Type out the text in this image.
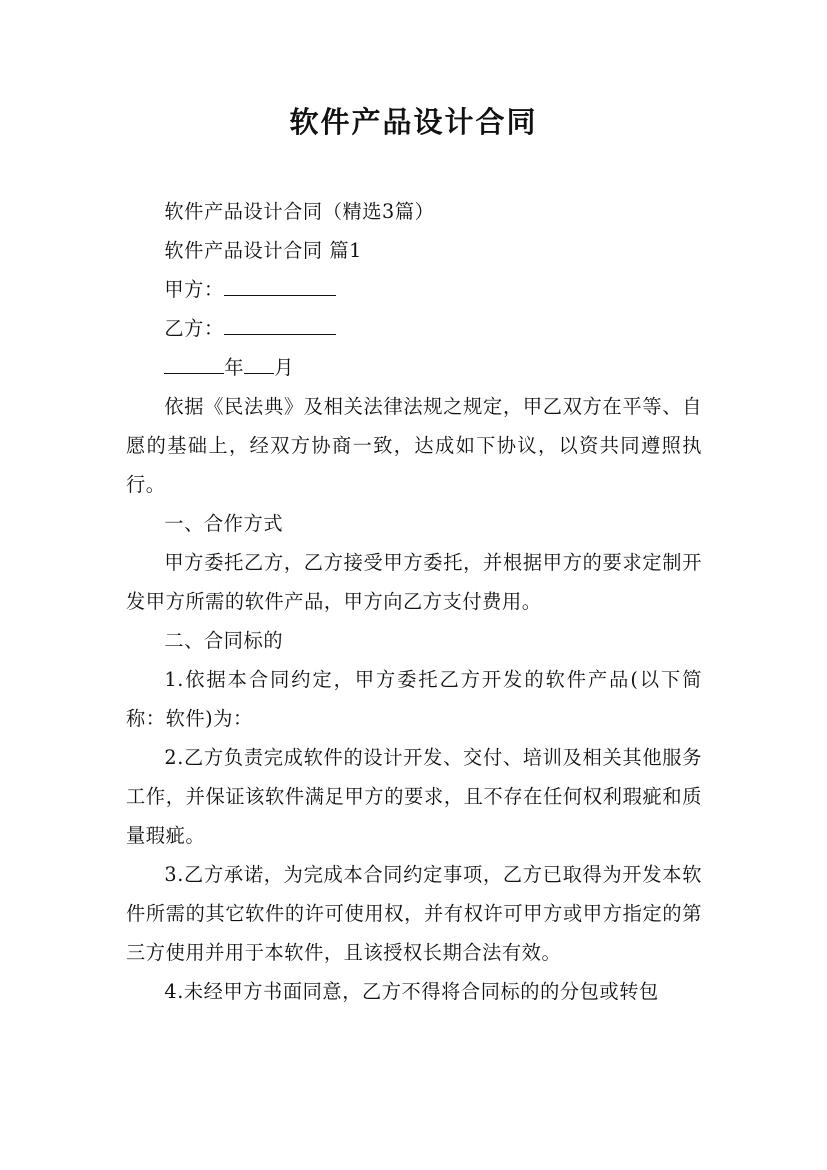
软件产品设计合同

软件产品设计合同（精选3篇）

软件产品设计合同 篇1

甲方：

乙方：

年 月

依据《民法典》及相关法律法规之规定，甲乙双方在平等、自愿的基础上，经双方协商一致，达成如下协议，以资共同遵照执行。

一、合作方式

甲方委托乙方，乙方接受甲方委托，并根据甲方的要求定制开发甲方所需的软件产品，甲方向乙方支付费用。

二、合同标的

1.依据本合同约定，甲方委托乙方开发的软件产品(以下简称：软件)为：

2.乙方负责完成软件的设计开发、交付、培训及相关其他服务工作，并保证该软件满足甲方的要求，且不存在任何权利瑕疵和质量瑕疵。

3.乙方承诺，为完成本合同约定事项，乙方已取得为开发本软件所需的其它软件的许可使用权，并有权许可甲方或甲方指定的第三方使用并用于本软件，且该授权长期合法有效。

4.未经甲方书面同意，乙方不得将合同标的的分包或转包
